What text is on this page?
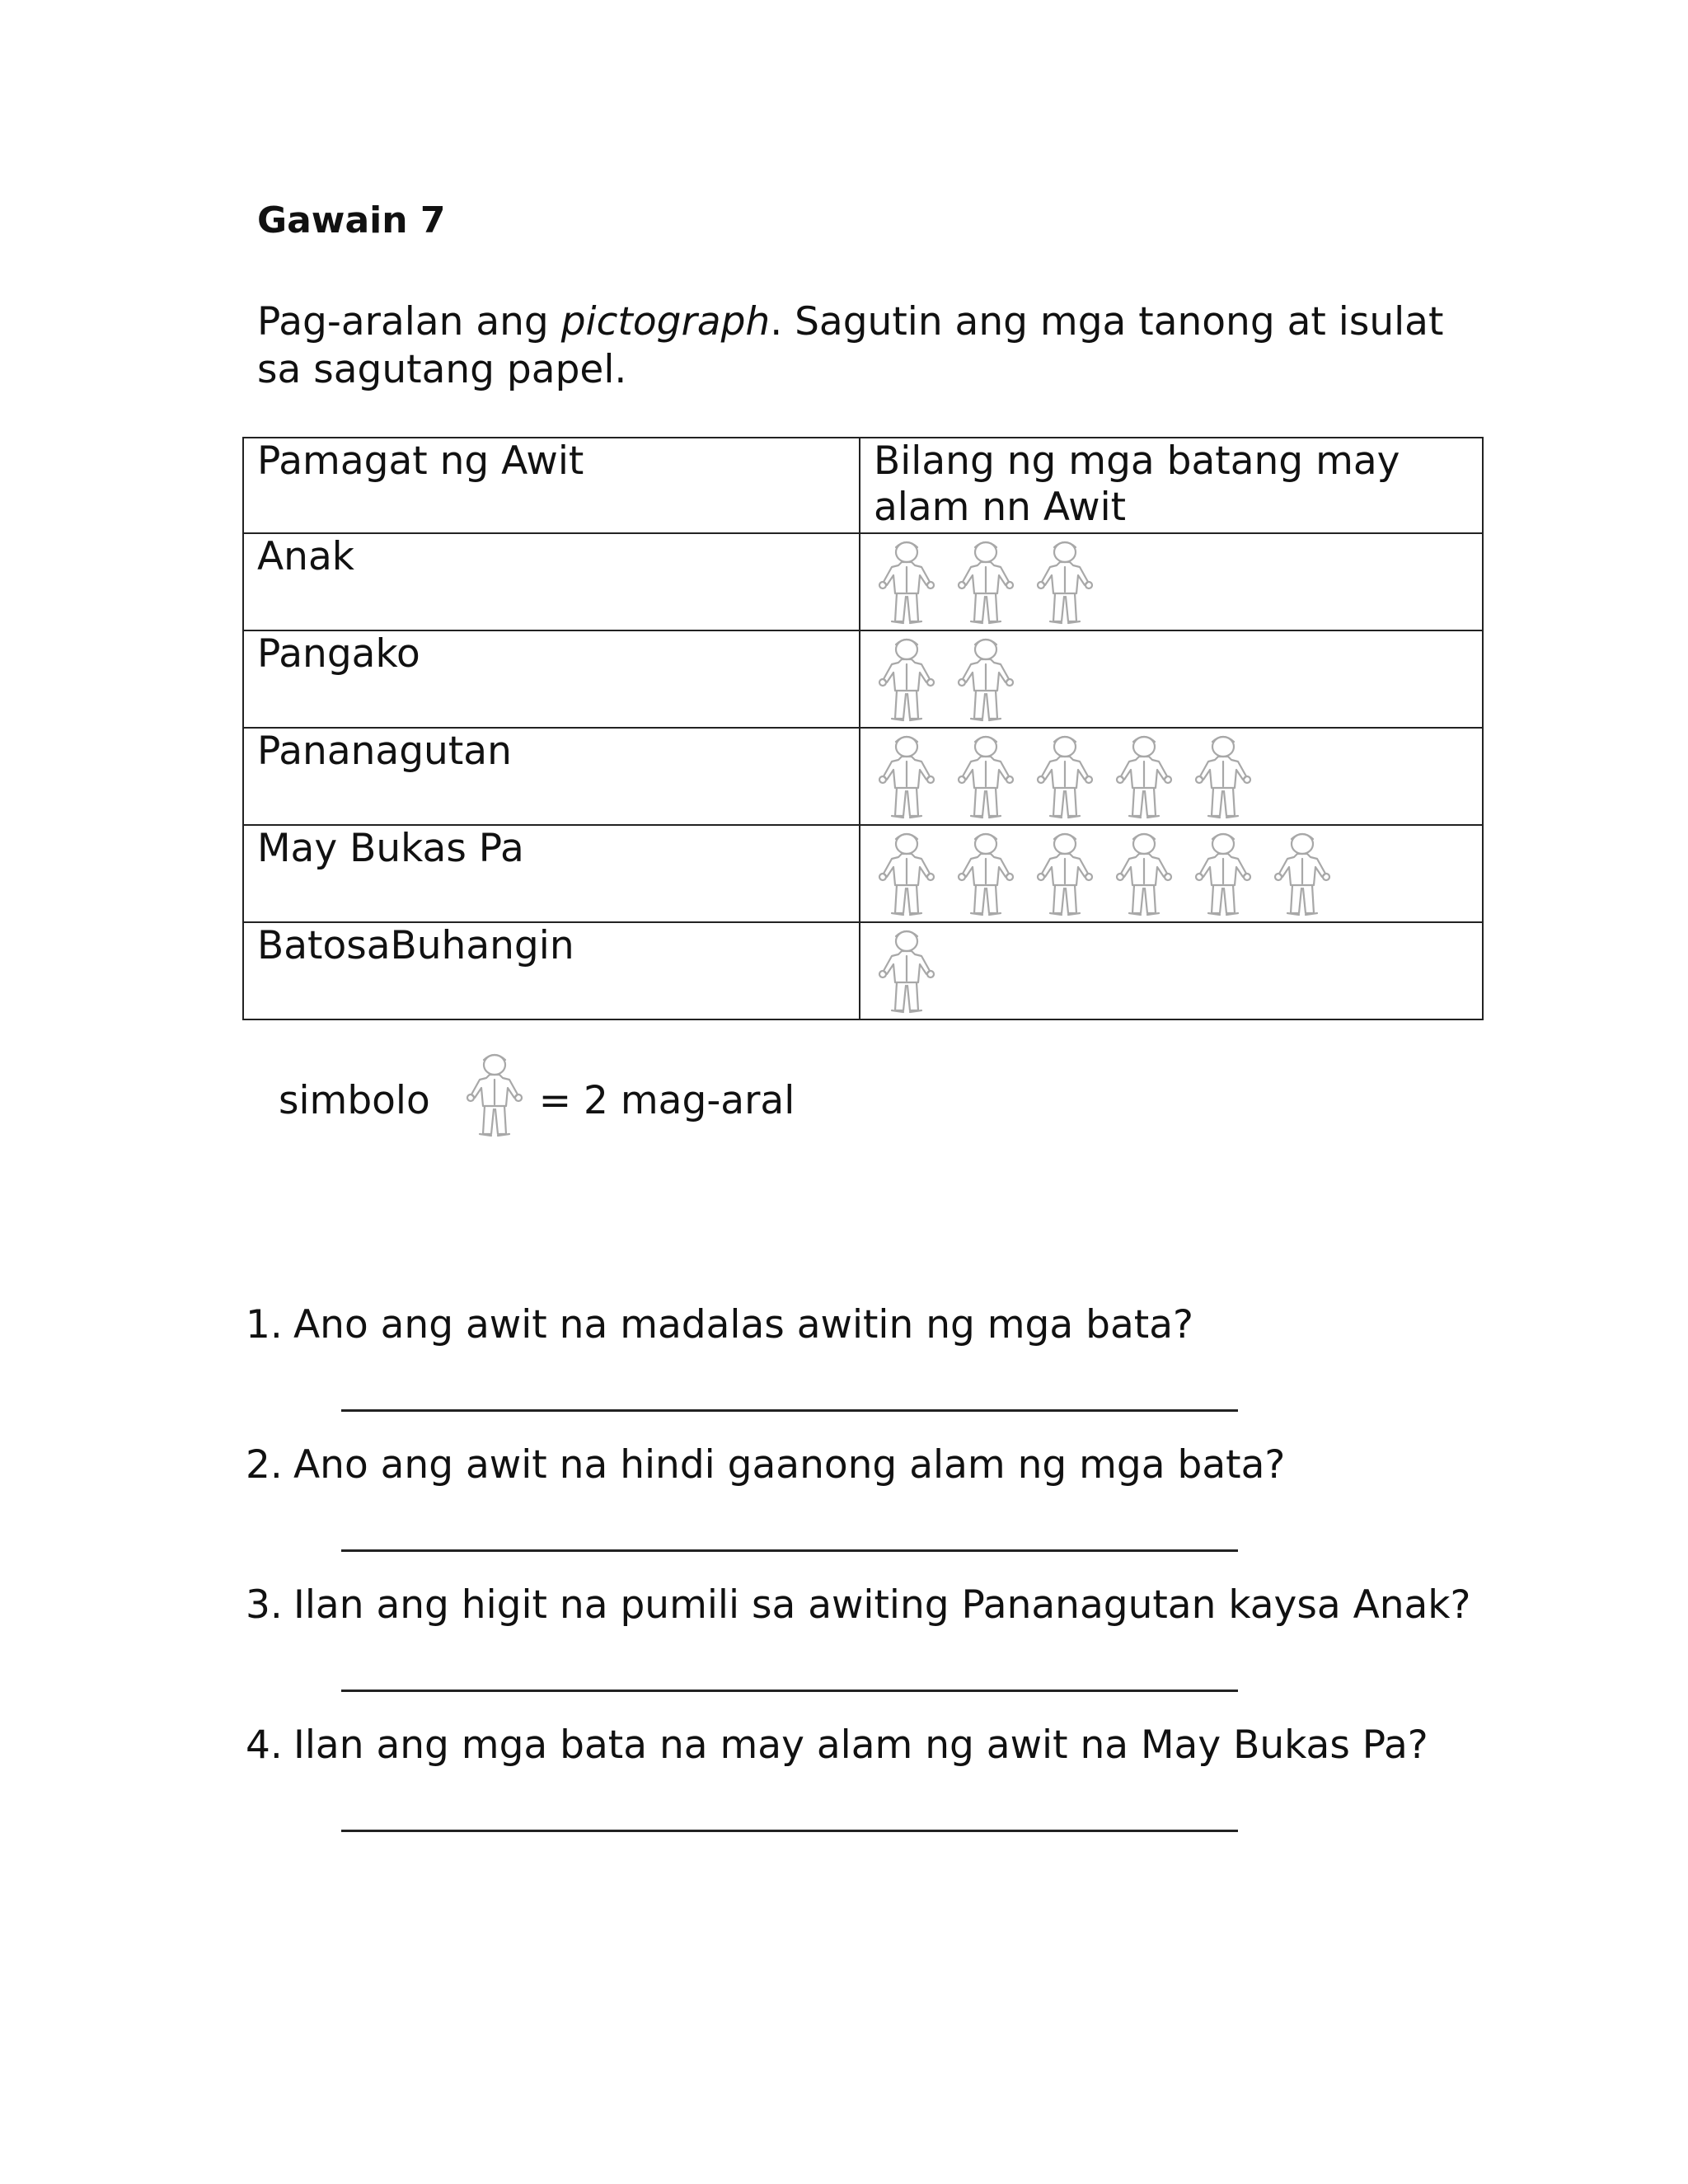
Gawain 7
Pag-aralan ang pictograph. Sagutin ang mga tanong at isulat sa sagutang papel.
Pamagat ng Awit	Bilang ng mga batang may alam nn Awit
Anak	

Pangako	

Pananagutan	

May Bukas Pa	

BatosaBuhangin	
simbolo	= 2 mag-aral
1. Ano ang awit na madalas awitin ng mga bata?
2. Ano ang awit na hindi gaanong alam ng mga bata?
3. Ilan ang higit na pumili sa awiting Pananagutan kaysa Anak?
4. Ilan ang mga bata na may alam ng awit na May Bukas Pa?
